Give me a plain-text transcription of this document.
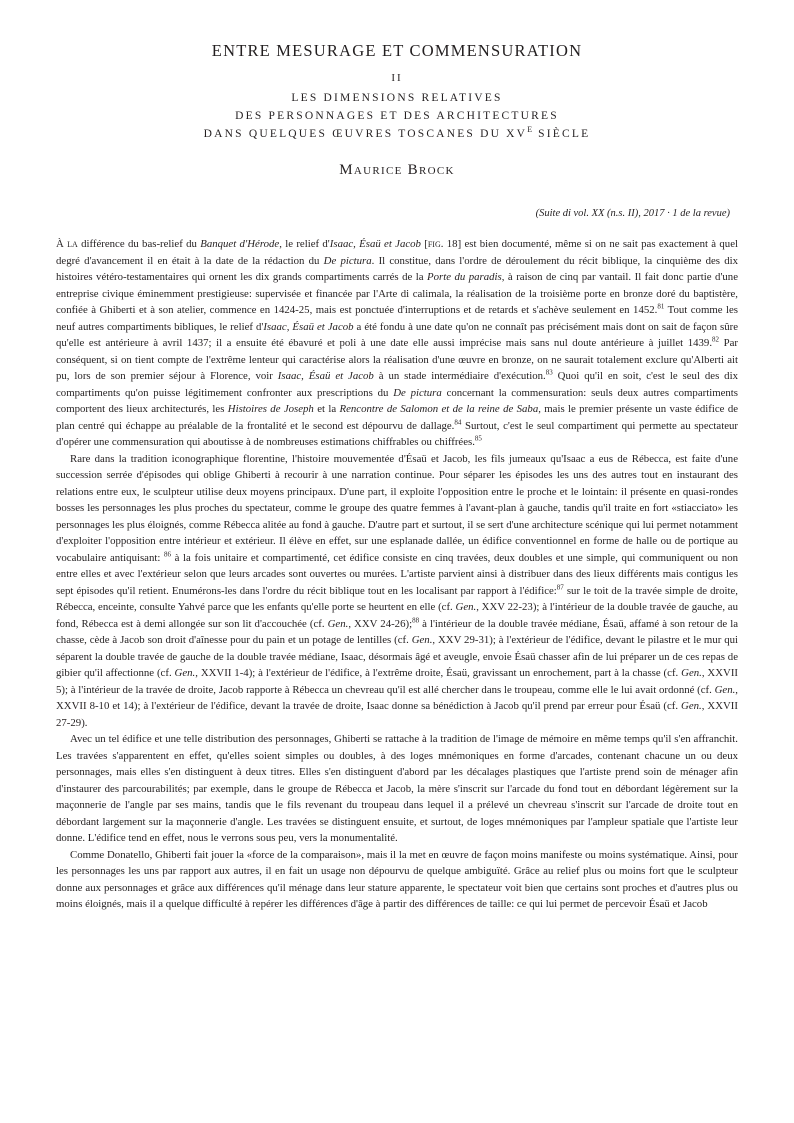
ENTRE MESURAGE ET COMMENSURATION
II
LES DIMENSIONS RELATIVES
DES PERSONNAGES ET DES ARCHITECTURES
DANS QUELQUES ŒUVRES TOSCANES DU $XV^E$ SIÈCLE
Maurice Brock
(Suite di vol. XX (n.s. II), 2017 · 1 de la revue)

À la différence du bas-relief du Banquet d'Hérode, le relief d'Isaac, Ésaü et Jacob [fig. 18] est bien documenté, même si on ne sait pas exactement à quel degré d'avancement il en était à la date de la rédaction du De pictura. Il constitue, dans l'ordre de déroulement du récit biblique, la cinquième des dix histoires vétéro-testamentaires qui ornent les dix grands compartiments carrés de la Porte du paradis, à raison de cinq par vantail. Il fait donc partie d'une entreprise civique éminemment prestigieuse: supervisée et financée par l'Arte di calimala, la réalisation de la troisième porte en bronze doré du baptistère, confiée à Ghiberti et à son atelier, commence en 1424-25, mais est ponctuée d'interruptions et de retards et s'achève seulement en 1452.81 Tout comme les neuf autres compartiments bibliques, le relief d'Isaac, Ésaü et Jacob a été fondu à une date qu'on ne connaît pas précisément mais dont on sait de façon sûre qu'elle est antérieure à avril 1437; il a ensuite été ébavuré et poli à une date elle aussi imprécise mais sans nul doute antérieure à juillet 1439.82 Par conséquent, si on tient compte de l'extrême lenteur qui caractérise alors la réalisation d'une œuvre en bronze, on ne saurait totalement exclure qu'Alberti ait pu, lors de son premier séjour à Florence, voir Isaac, Ésaü et Jacob à un stade intermédiaire d'exécution.$^{83}$ Quoi qu'il en soit, c'est le seul des dix compartiments qu'on puisse légitimement confronter aux prescriptions du De pictura concernant la commensuration: seuls deux autres compartiments comportent des lieux architecturés, les Histoires de Joseph et la Rencontre de Salomon et de la reine de Saba, mais le premier présente un vaste édifice de plan centré qui échappe au préalable de la frontalité et le second est dépourvu de dallage.$^{84}$ Surtout, c'est le seul compartiment qui permette au spectateur d'opérer une commensuration qui aboutisse à de nombreuses estimations chiffrables ou chiffrées.$^{85}$

Rare dans la tradition iconographique florentine, l'histoire mouvementée d'Ésaü et Jacob, les fils jumeaux qu'Isaac a eus de Rébecca, est faite d'une succession serrée d'épisodes qui oblige Ghiberti à recourir à une narration continue. Pour séparer les épisodes les uns des autres tout en instaurant des relations entre eux, le sculpteur utilise deux moyens principaux. D'une part, il exploite l'opposition entre le proche et le lointain: il présente en quasi-rondes bosses les personnages les plus proches du spectateur, comme le groupe des quatre femmes à l'avant-plan à gauche, tandis qu'il traite en fort «stiacciato» les personnages les plus éloignés, comme Rébecca alitée au fond à gauche. D'autre part et surtout, il se sert d'une architecture scénique qui lui permet notamment d'exploiter l'opposition entre intérieur et extérieur. Il élève en effet, sur une esplanade dallée, un édifice conventionnel en forme de halle ou de portique au vocabulaire antiquisant: $^{86}$ à la fois unitaire et compartimenté, cet édifice consiste en cinq travées, deux doubles et une simple, qui communiquent ou non entre elles et avec l'extérieur selon que leurs arcades sont ouvertes ou murées. L'artiste parvient ainsi à distribuer dans des lieux différents mais contigus les sept épisodes qu'il retient. Enumérons-les dans l'ordre du récit biblique tout en les localisant par rapport à l'édifice:$^{87}$ sur le toit de la travée simple de droite, Rébecca, enceinte, consulte Yahvé parce que les enfants qu'elle porte se heurtent en elle (cf. Gen., XXV 22-23); à l'intérieur de la double travée de gauche, au fond, Rébecca est à demi allongée sur son lit d'accouchée (cf. Gen., XXV 24-26);$^{88}$ à l'intérieur de la double travée médiane, Ésaü, affamé à son retour de la chasse, cède à Jacob son droit d'aînesse pour du pain et un potage de lentilles (cf. Gen., XXV 29-31); à l'extérieur de l'édifice, devant le pilastre et le mur qui séparent la double travée de gauche de la double travée médiane, Isaac, désormais âgé et aveugle, envoie Ésaü chasser afin de lui préparer un de ces repas de gibier qu'il affectionne (cf. Gen., XXVII 1-4); à l'extérieur de l'édifice, à l'extrême droite, Ésaü, gravissant un enrochement, part à la chasse (cf. Gen., XXVII 5); à l'intérieur de la travée de droite, Jacob rapporte à Rébecca un chevreau qu'il est allé chercher dans le troupeau, comme elle le lui avait ordonné (cf. Gen., XXVII 8-10 et 14); à l'extérieur de l'édifice, devant la travée de droite, Isaac donne sa bénédiction à Jacob qu'il prend par erreur pour Ésaü (cf. Gen., XXVII 27-29).

Avec un tel édifice et une telle distribution des personnages, Ghiberti se rattache à la tradition de l'image de mémoire en même temps qu'il s'en affranchit. Les travées s'apparentent en effet, qu'elles soient simples ou doubles, à des loges mnémoniques en forme d'arcades, contenant chacune un ou deux personnages, mais elles s'en distinguent à deux titres. Elles s'en distinguent d'abord par les décalages plastiques que l'artiste prend soin de ménager afin d'instaurer des parcourabilités; par exemple, dans le groupe de Rébecca et Jacob, la mère s'inscrit sur l'arcade du fond tout en débordant légèrement sur la maçonnerie de l'angle par ses mains, tandis que le fils revenant du troupeau dans lequel il a prélevé un chevreau s'inscrit sur l'arcade de droite tout en débordant largement sur la maçonnerie d'angle. Les travées se distinguent ensuite, et surtout, de loges mnémoniques par l'ampleur spatiale que l'artiste leur donne. L'édifice tend en effet, nous le verrons sous peu, vers la monumentalité.

Comme Donatello, Ghiberti fait jouer la «force de la comparaison», mais il la met en œuvre de façon moins manifeste ou moins systématique. Ainsi, pour les personnages les uns par rapport aux autres, il en fait un usage non dépourvu de quelque ambiguïté. Grâce au relief plus ou moins fort que le sculpteur donne aux personnages et grâce aux différences qu'il ménage dans leur stature apparente, le spectateur voit bien que certains sont proches et d'autres plus ou moins éloignés, mais il a quelque difficulté à repérer les différences d'âge à partir des différences de taille: ce qui lui permet de percevoir Ésaü et Jacob
